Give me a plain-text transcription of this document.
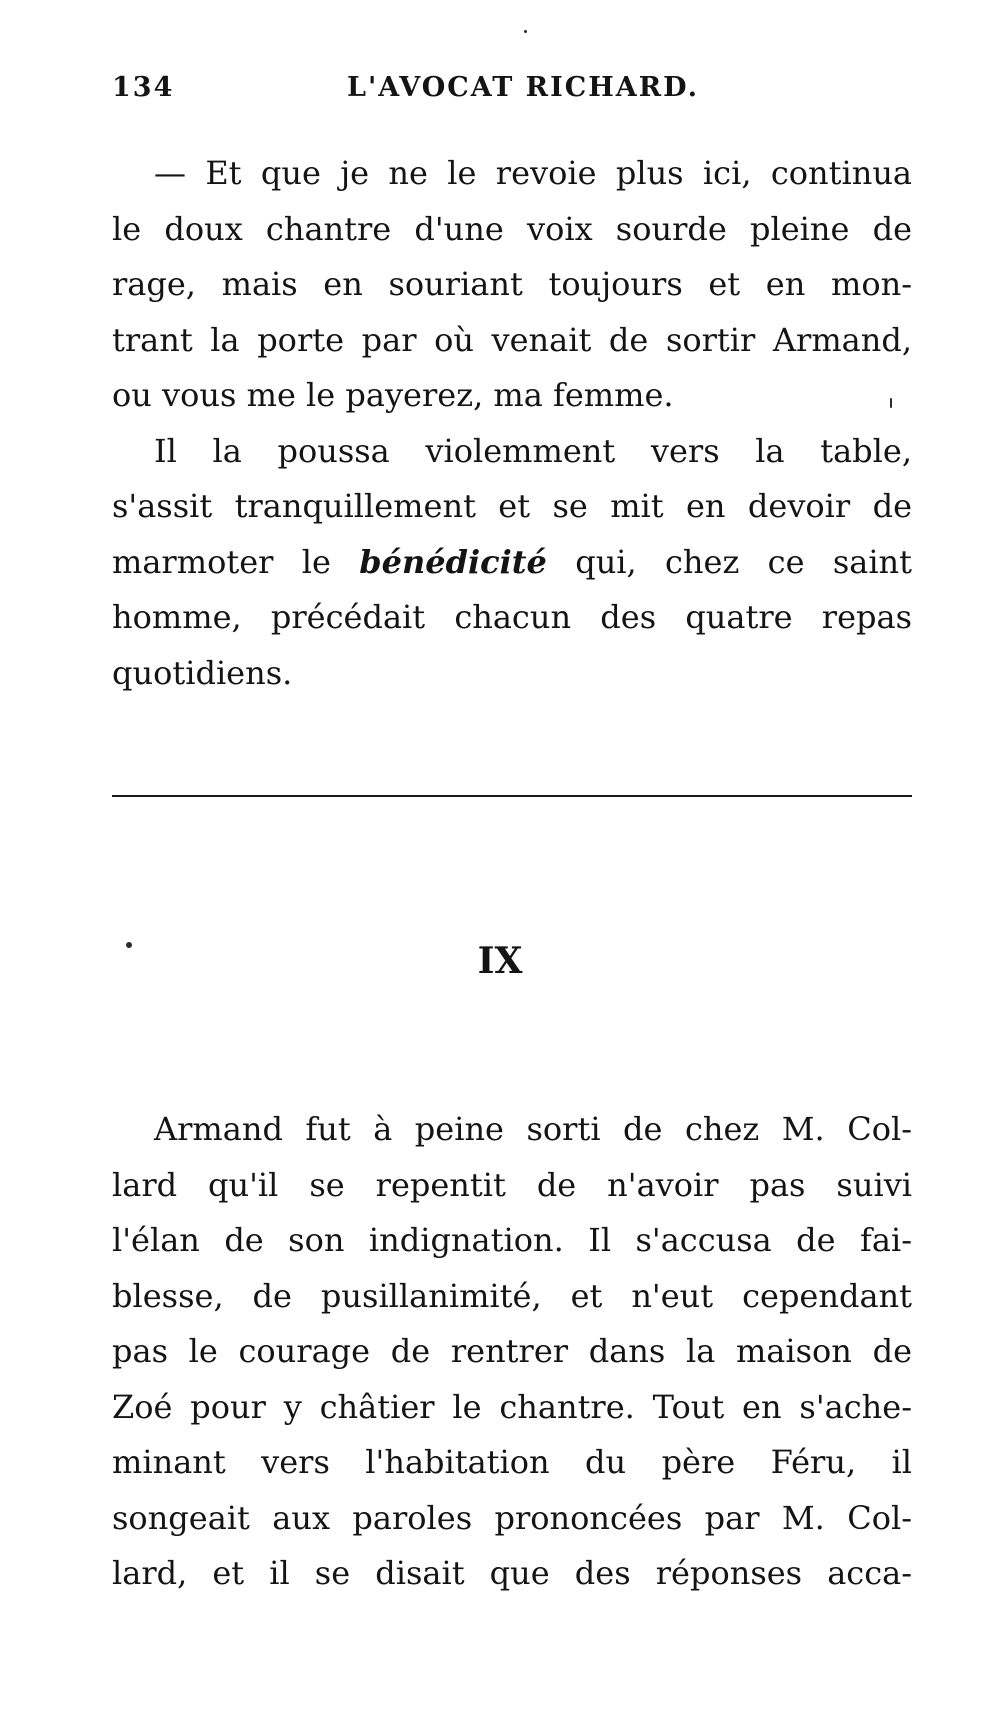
134	L'AVOCAT RICHARD.
— Et que je ne le revoie plus ici, continua
le doux chantre d'une voix sourde pleine de
rage, mais en souriant toujours et en mon-
trant la porte par où venait de sortir Armand,
ou vous me le payerez, ma femme.
Il la poussa violemment vers la table,
s'assit tranquillement et se mit en devoir de
marmoter le bénédicité qui, chez ce saint
homme, précédait chacun des quatre repas
quotidiens.
IX
Armand fut à peine sorti de chez M. Col-
lard qu'il se repentit de n'avoir pas suivi
l'élan de son indignation. Il s'accusa de fai-
blesse, de pusillanimité, et n'eut cependant
pas le courage de rentrer dans la maison de
Zoé pour y châtier le chantre. Tout en s'ache-
minant vers l'habitation du père Féru, il
songeait aux paroles prononcées par M. Col-
lard, et il se disait que des réponses acca-
